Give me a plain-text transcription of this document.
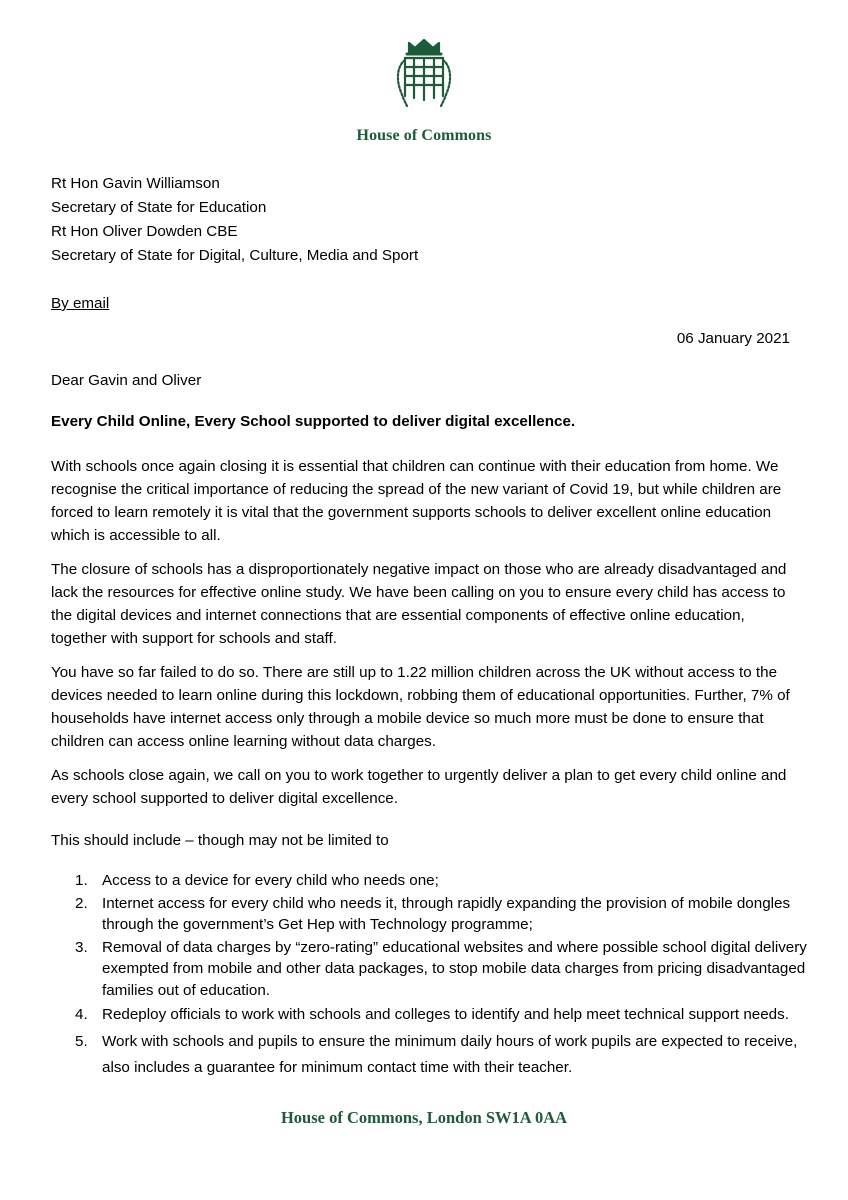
House of Commons
Rt Hon Gavin Williamson
Secretary of State for Education
Rt Hon Oliver Dowden CBE
Secretary of State for Digital, Culture, Media and Sport
By email
06 January 2021
Dear Gavin and Oliver
Every Child Online, Every School supported to deliver digital excellence.
With schools once again closing it is essential that children can continue with their education from home. We recognise the critical importance of reducing the spread of the new variant of Covid 19, but while children are forced to learn remotely it is vital that the government supports schools to deliver excellent online education which is accessible to all.
The closure of schools has a disproportionately negative impact on those who are already disadvantaged and lack the resources for effective online study. We have been calling on you to ensure every child has access to the digital devices and internet connections that are essential components of effective online education, together with support for schools and staff.
You have so far failed to do so. There are still up to 1.22 million children across the UK without access to the devices needed to learn online during this lockdown, robbing them of educational opportunities. Further, 7% of households have internet access only through a mobile device so much more must be done to ensure that children can access online learning without data charges.
As schools close again, we call on you to work together to urgently deliver a plan to get every child online and every school supported to deliver digital excellence.
This should include – though may not be limited to
1. Access to a device for every child who needs one;
2. Internet access for every child who needs it, through rapidly expanding the provision of mobile dongles through the government’s Get Hep with Technology programme;
3. Removal of data charges by “zero-rating” educational websites and where possible school digital delivery exempted from mobile and other data packages, to stop mobile data charges from pricing disadvantaged families out of education.
4. Redeploy officials to work with schools and colleges to identify and help meet technical support needs.
5. Work with schools and pupils to ensure the minimum daily hours of work pupils are expected to receive, also includes a guarantee for minimum contact time with their teacher.
House of Commons, London SW1A 0AA
